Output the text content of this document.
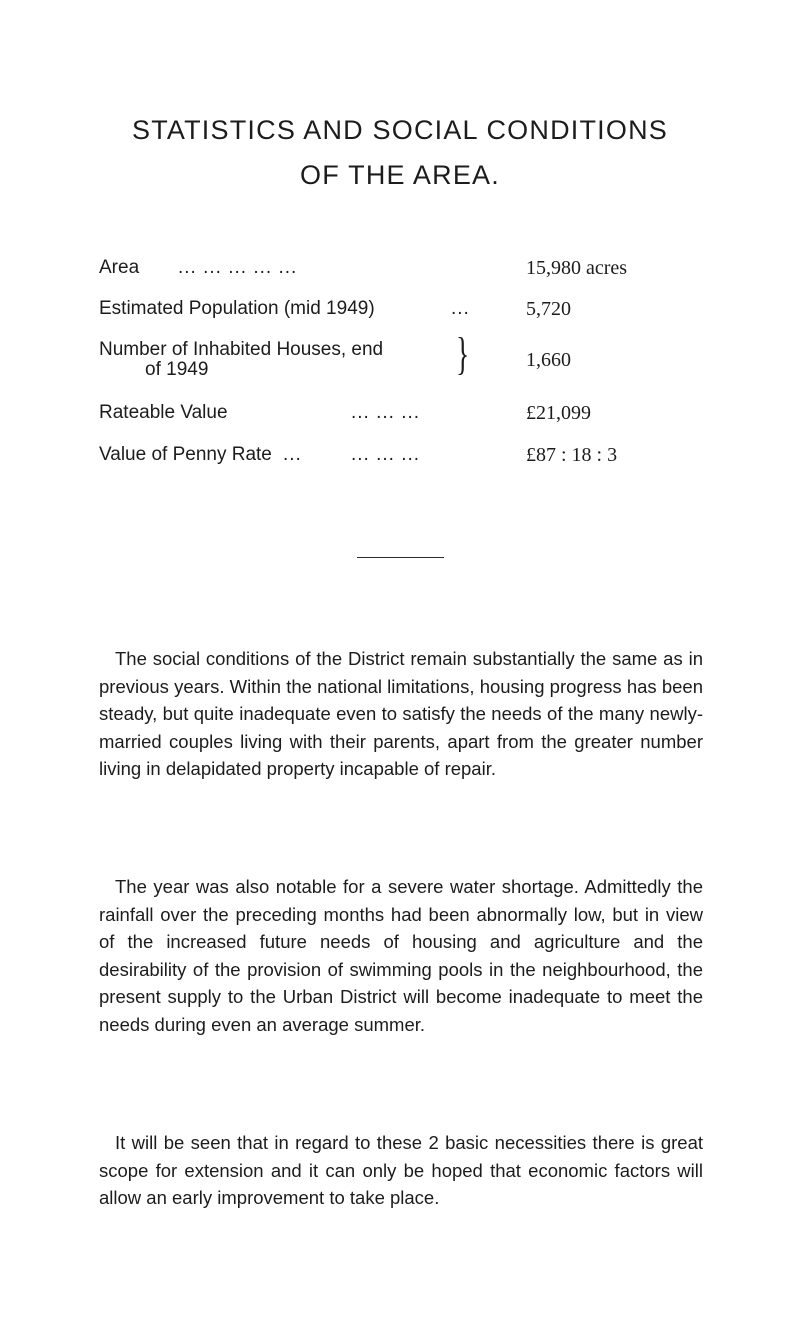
STATISTICS AND SOCIAL CONDITIONS
OF THE AREA.
Area ... ... ... ... ...	15,980 acres
Estimated Population (mid 1949)	...	5,720
Number of Inhabited Houses, end
of 1949	}	1,660
Rateable Value	... ... ...	£21,099
Value of Penny Rate ... ... ... ...	£87 : 18 : 3

The social conditions of the District remain substantially the same as in previous years. Within the national limitations, housing progress has been steady, but quite inadequate even to satisfy the needs of the many newly-married couples living with their parents, apart from the greater number living in delapidated property incapable of repair.

The year was also notable for a severe water shortage. Admittedly the rainfall over the preceding months had been abnormally low, but in view of the increased future needs of housing and agriculture and the desirability of the provision of swimming pools in the neighbourhood, the present supply to the Urban District will become inadequate to meet the needs during even an average summer.

It will be seen that in regard to these 2 basic necessities there is great scope for extension and it can only be hoped that economic factors will allow an early improvement to take place.
